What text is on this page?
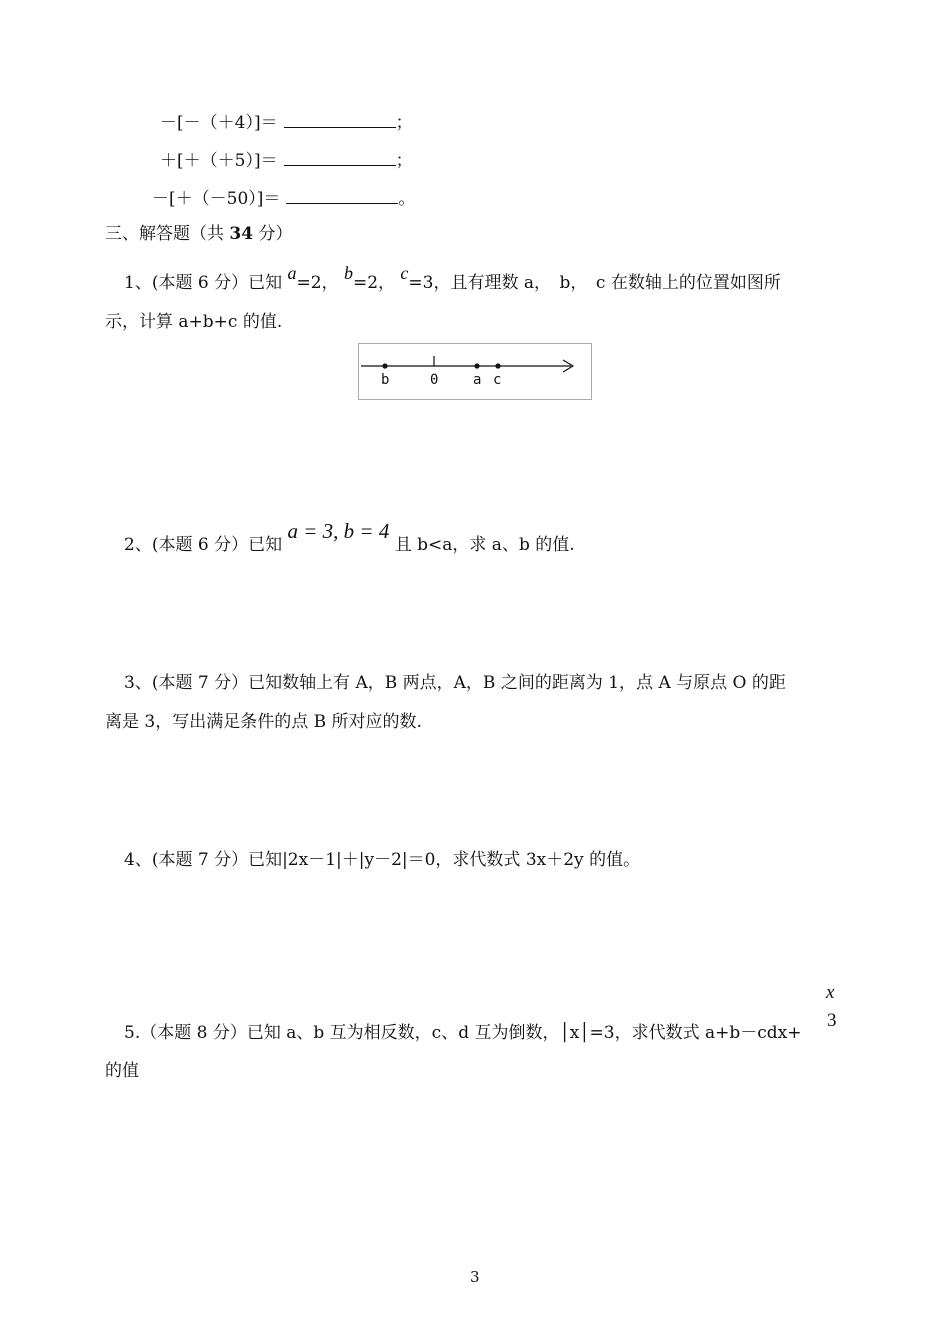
－[－（＋4）]＝	；
＋[＋（＋5）]＝	；
－[＋（－50）]＝	。
三、解答题（共 34 分）
1、(本题 6 分）已知 a=2， b=2， c=3，且有理数 a，　b，　c 在数轴上的位置如图所
示，计算 a+b+c 的值.
b	0 a c
2、(本题 6 分）已知 a = 3, b = 4 且 b<a，求 a、b 的值.
3、(本题 7 分）已知数轴上有 A，B 两点，A，B 之间的距离为 1，点 A 与原点 O 的距
离是 3，写出满足条件的点 B 所对应的数.
4、(本题 7 分）已知|2x－1|＋|y－2|＝0，求代数式 3x＋2y 的值。
x
3
5.（本题 8 分）已知 a、b 互为相反数，c、d 互为倒数，│x│=3，求代数式 a+b－cdx+
的值
3
